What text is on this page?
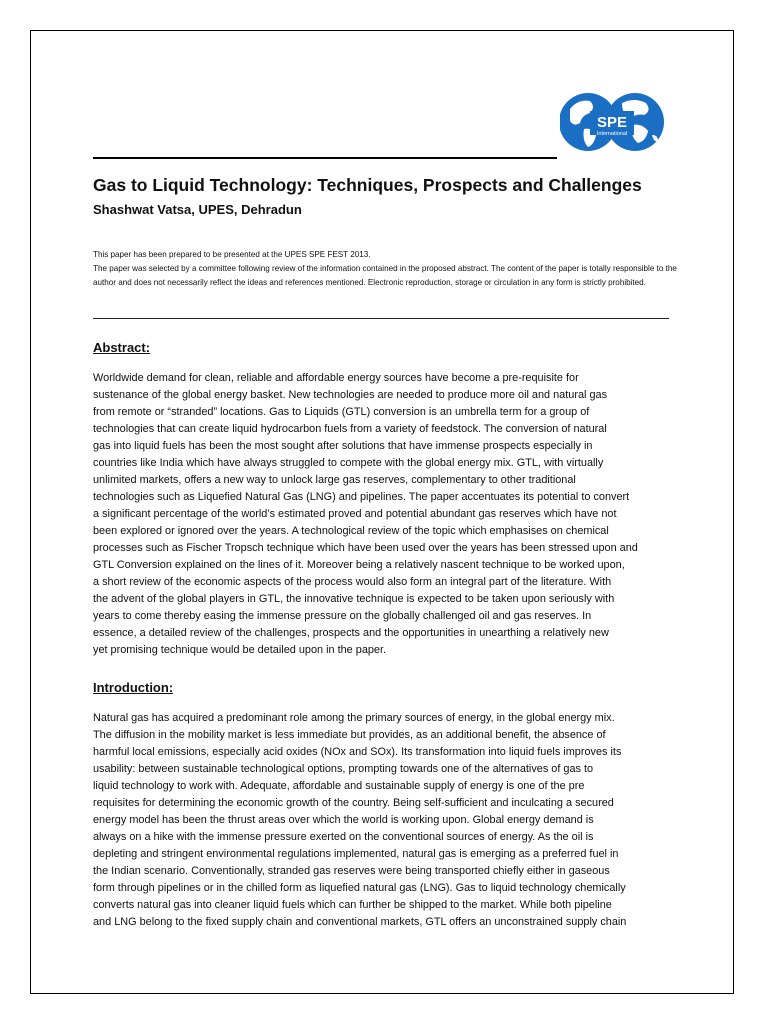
SPE
International
Gas to Liquid Technology: Techniques, Prospects and Challenges
Shashwat Vatsa, UPES, Dehradun

This paper has been prepared to be presented at the UPES SPE FEST 2013.

The paper was selected by a committee following review of the information contained in the proposed abstract. The content of the paper is totally responsible to the author and does not necessarily reflect the ideas and references mentioned. Electronic reproduction, storage or circulation in any form is strictly prohibited.

Abstract:
Worldwide demand for clean, reliable and affordable energy sources have become a pre-requisite for
sustenance of the global energy basket. New technologies are needed to produce more oil and natural gas
from remote or “stranded” locations. Gas to Liquids (GTL) conversion is an umbrella term for a group of
technologies that can create liquid hydrocarbon fuels from a variety of feedstock. The conversion of natural
gas into liquid fuels has been the most sought after solutions that have immense prospects especially in
countries like India which have always struggled to compete with the global energy mix. GTL, with virtually
unlimited markets, offers a new way to unlock large gas reserves, complementary to other traditional
technologies such as Liquefied Natural Gas (LNG) and pipelines. The paper accentuates its potential to convert
a significant percentage of the world’s estimated proved and potential abundant gas reserves which have not
been explored or ignored over the years. A technological review of the topic which emphasises on chemical
processes such as Fischer Tropsch technique which have been used over the years has been stressed upon and
GTL Conversion explained on the lines of it. Moreover being a relatively nascent technique to be worked upon,
a short review of the economic aspects of the process would also form an integral part of the literature. With
the advent of the global players in GTL, the innovative technique is expected to be taken upon seriously with
years to come thereby easing the immense pressure on the globally challenged oil and gas reserves. In
essence, a detailed review of the challenges, prospects and the opportunities in unearthing a relatively new
yet promising technique would be detailed upon in the paper.
Introduction:
Natural gas has acquired a predominant role among the primary sources of energy, in the global energy mix.
The diffusion in the mobility market is less immediate but provides, as an additional benefit, the absence of
harmful local emissions, especially acid oxides (NOx and SOx). Its transformation into liquid fuels improves its
usability: between sustainable technological options, prompting towards one of the alternatives of gas to
liquid technology to work with. Adequate, affordable and sustainable supply of energy is one of the pre
requisites for determining the economic growth of the country. Being self-sufficient and inculcating a secured
energy model has been the thrust areas over which the world is working upon. Global energy demand is
always on a hike with the immense pressure exerted on the conventional sources of energy. As the oil is
depleting and stringent environmental regulations implemented, natural gas is emerging as a preferred fuel in
the Indian scenario. Conventionally, stranded gas reserves were being transported chiefly either in gaseous
form through pipelines or in the chilled form as liquefied natural gas (LNG). Gas to liquid technology chemically
converts natural gas into cleaner liquid fuels which can further be shipped to the market. While both pipeline
and LNG belong to the fixed supply chain and conventional markets, GTL offers an unconstrained supply chain
